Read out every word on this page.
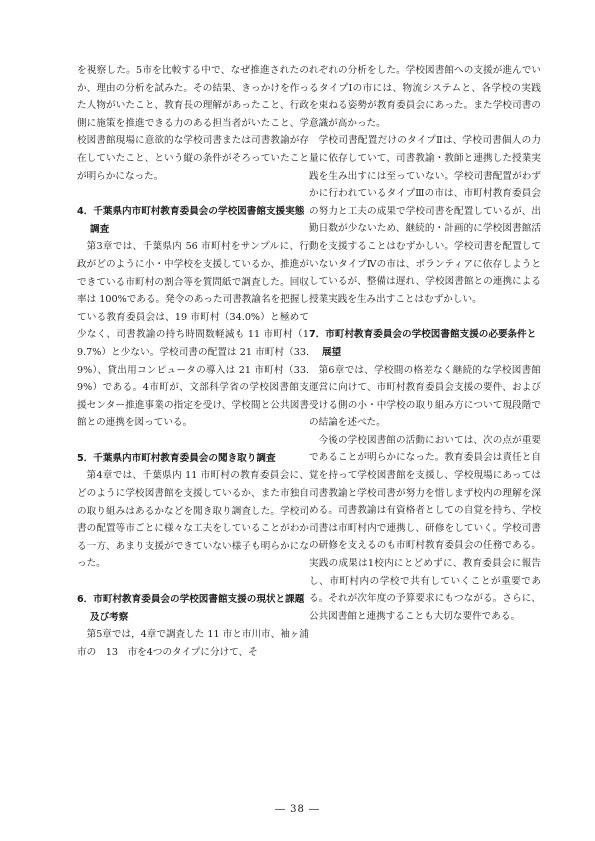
を視察した。5市を比較する中で、なぜ推進されたのか、理由の分析を試みた。その結果、きっかけを作った人物がいたこと、教育長の理解があったこと、行政側に施策を推進できる力のある担当者がいたこと、学校図書館現場に意欲的な学校司書または司書教諭が存在していたこと、という縦の条件がそろっていたことが明らかになった。

4．千葉県内市町村教育委員会の学校図書館支援実態調査

第3章では、千葉県内 56 市町村をサンプルに、行政がどのように小・中学校を支援しているか、推進ができている市町村の割合等を質問紙で調査した。回収率は 100%である。発令のあった司書教諭名を把握している教育委員会は、19 市町村（34.0%）と極めて少なく、司書教諭の持ち時間数軽減も 11 市町村（19.7%）と少ない。学校司書の配置は 21 市町村（33.9%）、貸出用コンピュータの導入は 21 市町村（33.9%）である。4市町が、文部科学省の学校図書館支援センター推進事業の指定を受け、学校間と公共図書館との連携を図っている。

5．千葉県内市町村教育委員会の聞き取り調査

第4章では、千葉県内 11 市町村の教育委員会に、どのように学校図書館を支援しているか、また市独自の取り組みはあるかなどを聞き取り調査した。学校司書の配置等市ごとに様々な工夫をしていることがわかる一方、あまり支援ができていない様子も明らかになった。

6．市町村教育委員会の学校図書館支援の現状と課題及び考察

第5章では，4章で調査した 11 市と市川市、袖ヶ浦市の　13　市を4つのタイプに分けて、そ

れぞれの分析をした。学校図書館への支援が進んでいるタイプⅠの市には、物流システムと、各学校の実践を束ねる姿勢が教育委員会にあった。また学校司書の意識が高かった。

学校司書配置だけのタイプⅡは、学校司書個人の力量に依存していて、司書教諭・教師と連携した授業実践を生み出すには至っていない。学校司書配置がわずかに行われているタイプⅢの市は、市町村教育委員会の努力と工夫の成果で学校司書を配置しているが、出勤日数が少ないため、継続的・計画的に学校図書館活動を支援することはむずかしい。学校司書を配置していないタイプⅣの市は、ボランティアに依存しようとしているが、整備は遅れ、学校図書館との連携による授業実践を生み出すことはむずかしい。

7．市町村教育委員会の学校図書館支援の必要条件と展望

第6章では、学校間の格差なく継続的な学校図書館運営に向けて、市町村教育委員会支援の要件、および受ける側の小・中学校の取り組み方について現段階での結論を述べた。

今後の学校図書館の活動においては、次の点が重要であることが明らかになった。教育委員会は責任と自覚を持って学校図書館を支援し、学校現場にあっては司書教諭と学校司書が努力を惜しまず校内の理解を深める。司書教諭は有資格者としての自覚を持ち、学校司書は市町村内で連携し、研修をしていく。学校司書の研修を支えるのも市町村教育委員会の任務である。実践の成果は1校内にとどめずに、教育委員会に報告し、市町村内の学校で共有していくことが重要である。それが次年度の予算要求にもつながる。さらに、公共図書館と連携することも大切な要件である。

― 38 ―
